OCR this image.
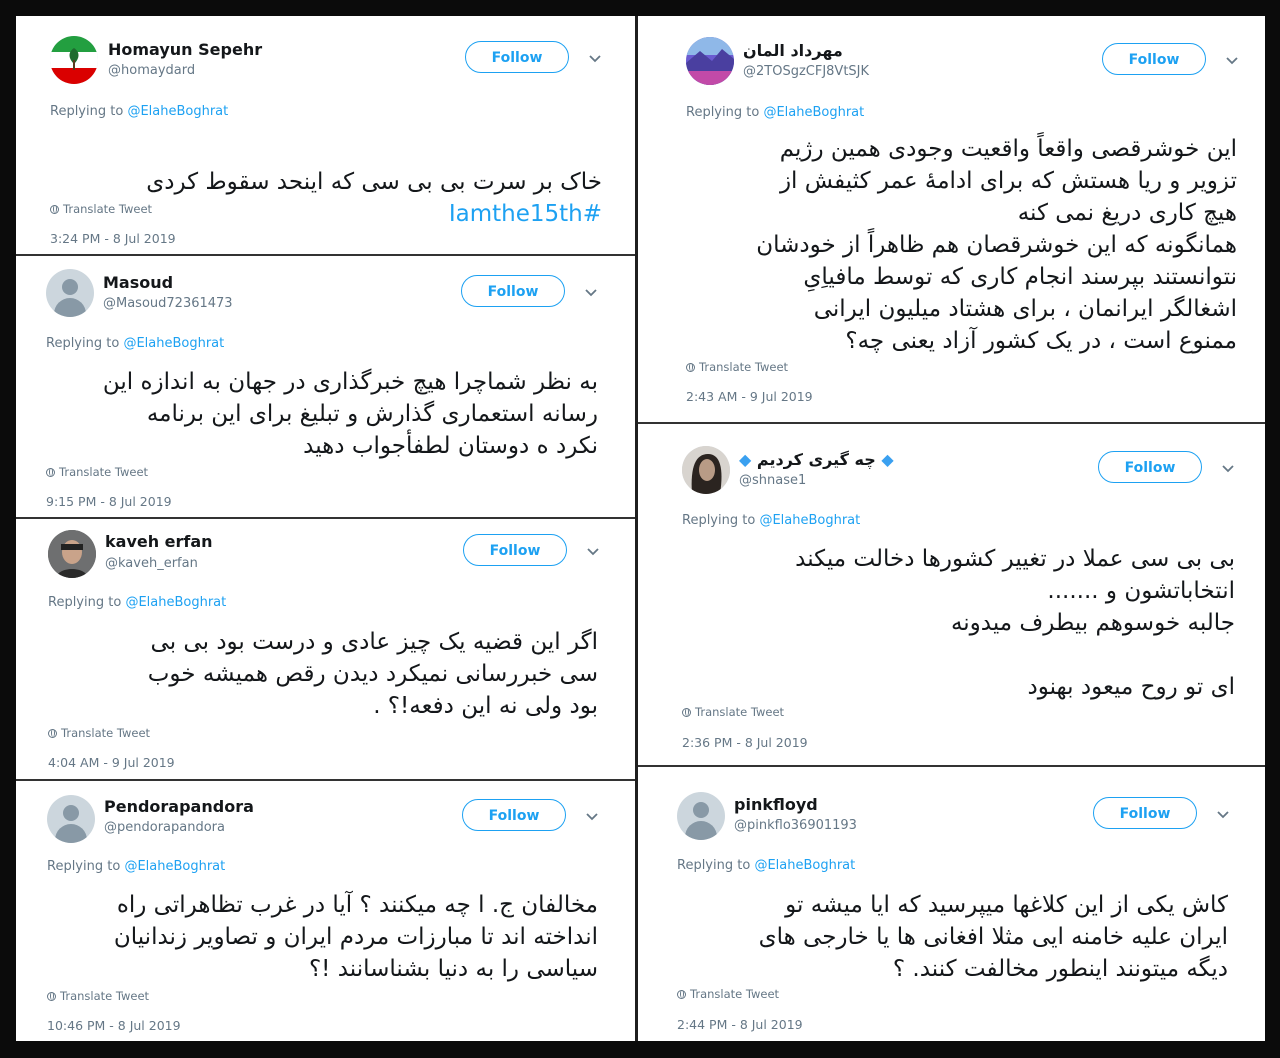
Homayun Sepehr
@homaydard
Follow
Replying to @ElaheBoghrat

خاک بر سرت بی بی سی که اینحد سقوط کردی

#Iamthe15th

Translate Tweet
3:24 PM - 8 Jul 2019
Masoud
@Masoud72361473
Follow
Replying to @ElaheBoghrat
به نظر شماچرا هیچ خبرگذاری در جهان به اندازه این
رسانه استعماری گذارش و تبلیغ برای این برنامه
نکرد ه دوستان لطفأجواب دهید
Translate Tweet
9:15 PM - 8 Jul 2019
kaveh erfan
@kaveh_erfan
Follow
Replying to @ElaheBoghrat
اگر این قضیه یک چیز عادی و درست بود بی بی
سی خبررسانی نمیکرد دیدن رقص همیشه خوب
بود ولی نه این دفعه!؟ .
Translate Tweet
4:04 AM - 9 Jul 2019
Pendorapandora
@pendorapandora
Follow
Replying to @ElaheBoghrat
مخالفان ج. ا چه میکنند ؟ آیا در غرب تظاهراتی راه
انداخته اند تا مبارزات مردم ایران و تصاویر زندانیان
سیاسی را به دنیا بشناسانند !؟
Translate Tweet
10:46 PM - 8 Jul 2019
مهرداد المان
@2TOSgzCFJ8VtSJK
Follow
Replying to @ElaheBoghrat
این خوشرقصی واقعاً واقعیت وجودی همین رژیم
تزویر و ریا هستش که برای ادامهٔ عمر کثیفش از
هیچ کاری دریغ نمی کنه
همانگونه که این خوشرقصان هم ظاهراً از خودشان
نتوانستند بپرسند انجام کاری که توسط مافیاِیِ
اشغالگر ایرانمان ، برای هشتاد میلیون ایرانی
ممنوع است ، در یک کشور آزاد یعنی چه؟
Translate Tweet
2:43 AM - 9 Jul 2019
◆ چه گیری کردیم ◆
@shnase1
Follow
Replying to @ElaheBoghrat
بی بی سی عملا در تغییر کشورها دخالت میکند
انتخاباتشون و .......
جالبه خوسوهم بیطرف میدونه

ای تو روح میعود بهنود
Translate Tweet
2:36 PM - 8 Jul 2019
pinkfloyd
@pinkflo36901193
Follow
Replying to @ElaheBoghrat
کاش یکی از این کلاغها میپرسید که ایا میشه تو
ایران علیه خامنه ایی مثلا افغانی ها یا خارجی های
دیگه میتونند اینطور مخالفت کنند. ؟
Translate Tweet
2:44 PM - 8 Jul 2019
